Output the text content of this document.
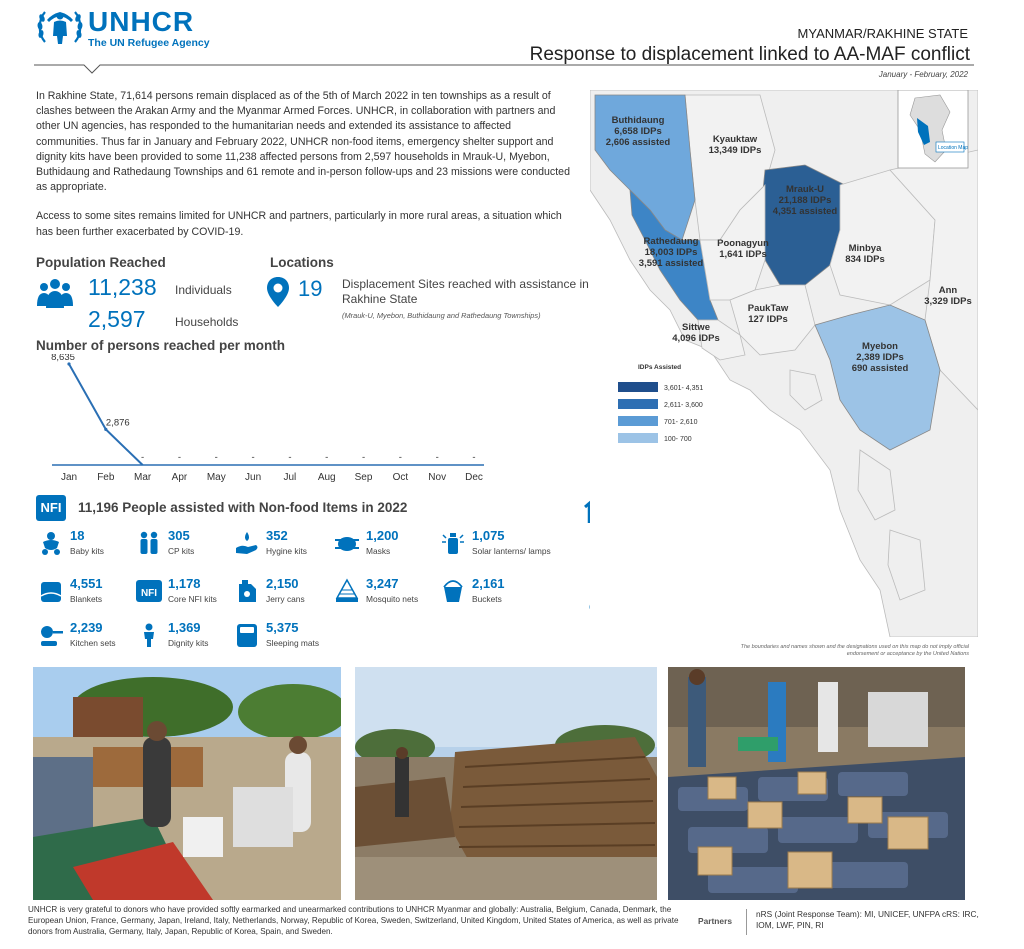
UNHCR
The UN Refugee Agency
MYANMAR/RAKHINE STATE
Response to displacement linked to AA-MAF conflict
January - February, 2022

In Rakhine State, 71,614 persons remain displaced as of the 5th of March 2022 in ten townships as a result of clashes between the Arakan Army and the Myanmar Armed Forces. UNHCR, in collaboration with partners and other UN agencies, has responded to the humanitarian needs and extended its assistance to affected communities. Thus far in January and February 2022, UNHCR non-food items, emergency shelter support and dignity kits have been provided to some 11,238 affected persons from 2,597 households in Mrauk-U, Myebon, Buthidaung and Rathedaung Townships and 61 remote and in-person follow-ups and 23 missions were conducted as appropriate.

Access to some sites remains limited for UNHCR and partners, particularly in more rural areas, a situation which has been further exacerbated by COVID-19.

Population Reached
11,238 Individuals
2,597 Households
Locations
19 Displacement Sites reached with assistance in Rakhine State
(Mrauk-U, Myebon, Buthidaung and Rathedaung Townships)
Number of persons reached per month
Jan
8,635
Feb
2,876
Mar
-
Apr
-
May
-
Jun
-
Jul
-
Aug
-
Sep
-
Oct
-
Nov
-
Dec
-
NFI	11,196 People assisted with Non-food Items in 2022
18
Baby kits
305
CP kits
352
Hygine kits
1,200
Masks
1,075
Solar lanterns/ lamps
4,551
Blankets	NFI
1,178
Core NFI kits
2,150
Jerry cans
3,247
Mosquito nets
2,161
Buckets
2,239
Kitchen sets
1,369
Dignity kits
5,375
Sleeping mats
Location Map
Buthidaung
6,658 IDPs
2,606 assisted	Kyauktaw
13,349 IDPs
Mrauk-U
21,188 IDPs
4,351 assisted
Rathedaung
18,003 IDPs
3,591 assisted
Poonagyun
1,641 IDPs
Minbya
834 IDPs
Ann
3,329 IDPs
PaukTaw
127 IDPs
Sittwe
4,096 IDPs
Myebon
2,389 IDPs
690 assisted
IDPs Assisted
3,601- 4,351
2,611- 3,600
701- 2,610
100- 700
The boundaries and names shown and the designations used on this map do not imply official endorsement or acceptance by the United Nations
UNHCR is very grateful to donors who have provided softly earmarked and unearmarked contributions to UNHCR Myanmar and globally: Australia, Belgium, Canada, Denmark, the European Union, France, Germany, Japan, Ireland, Italy, Netherlands, Norway, Republic of Korea, Sweden, Switzerland, United Kingdom, United States of America, as well as private donors from Australia, Germany, Italy, Japan, Republic of Korea, Spain, and Sweden.
Partners
nRS (Joint Response Team): MI, UNICEF, UNFPA cRS: IRC, IOM, LWF, PIN, RI
